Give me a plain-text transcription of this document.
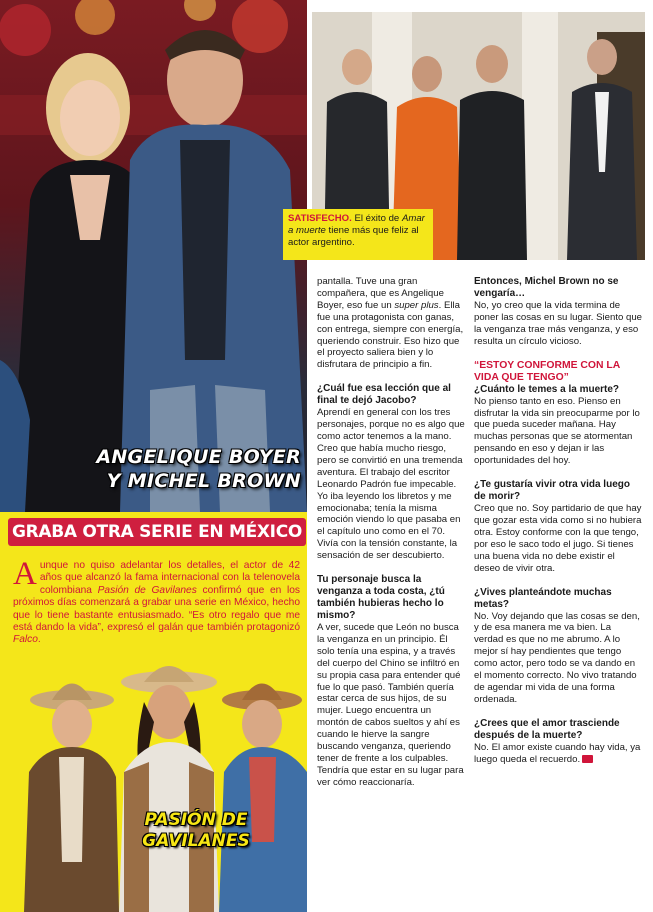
ANGELIQUE BOYER
Y MICHEL BROWN
GRABA OTRA SERIE EN MÉXICO

Aunque no quiso adelantar los detalles, el actor de 42 años que alcanzó la fama internacional con la telenovela colombiana Pasión de Gavilanes confirmó que en los próximos días comenzará a grabar una serie en México, hecho que lo tiene bastante entusiasmado. “Es otro regalo que me está dando la vida”, expresó el galán que también protagonizó Falco.

PASIÓN DE
GAVILANES
SATISFECHO. El éxito de Amar a muerte tiene más que feliz al actor argentino.

pantalla. Tuve una gran compañera, que es Angelique Boyer, eso fue un super plus. Ella fue una protagonista con ganas, con entrega, siempre con energía, queriendo construir. Eso hizo que el proyecto saliera bien y lo disfrutara de principio a fin.

¿Cuál fue esa lección que al final te dejó Jacobo?
Aprendí en general con los tres personajes, porque no es algo que como actor tenemos a la mano. Creo que había mucho riesgo, pero se convirtió en una tremenda aventura. El trabajo del escritor Leonardo Padrón fue impecable. Yo iba leyendo los libretos y me emocionaba; tenía la misma emoción viendo lo que pasaba en el capítulo uno como en el 70. Vivía con la tensión constante, la sensación de ser descubierto.

Tu personaje busca la venganza a toda costa, ¿tú también hubieras hecho lo mismo?
A ver, sucede que León no busca la venganza en un principio. Él solo tenía una espina, y a través del cuerpo del Chino se infiltró en su propia casa para entender qué fue lo que pasó. También quería estar cerca de sus hijos, de su mujer. Luego encuentra un montón de cabos sueltos y ahí es cuando le hierve la sangre buscando venganza, queriendo tener de frente a los culpables. Tendría que estar en su lugar para ver cómo reaccionaría.

Entonces, Michel Brown no se vengaría…
No, yo creo que la vida termina de poner las cosas en su lugar. Siento que la venganza trae más venganza, y eso resulta un círculo vicioso.

“ESTOY CONFORME CON LA VIDA QUE TENGO”
¿Cuánto le temes a la muerte?
No pienso tanto en eso. Pienso en disfrutar la vida sin preocuparme por lo que pueda suceder mañana. Hay muchas personas que se atormentan pensando en eso y dejan ir las oportunidades del hoy.

¿Te gustaría vivir otra vida luego de morir?
Creo que no. Soy partidario de que hay que gozar esta vida como si no hubiera otra. Estoy conforme con la que tengo, por eso le saco todo el jugo. Si tienes una buena vida no debe existir el deseo de vivir otra.

¿Vives planteándote muchas metas?
No. Voy dejando que las cosas se den, y de esa manera me va bien. La verdad es que no me abrumo. A lo mejor sí hay pendientes que tengo como actor, pero todo se va dando en el momento correcto. No vivo tratando de agendar mi vida de una forma ordenada.

¿Crees que el amor trasciende después de la muerte?
No. El amor existe cuando hay vida, ya luego queda el recuerdo.
